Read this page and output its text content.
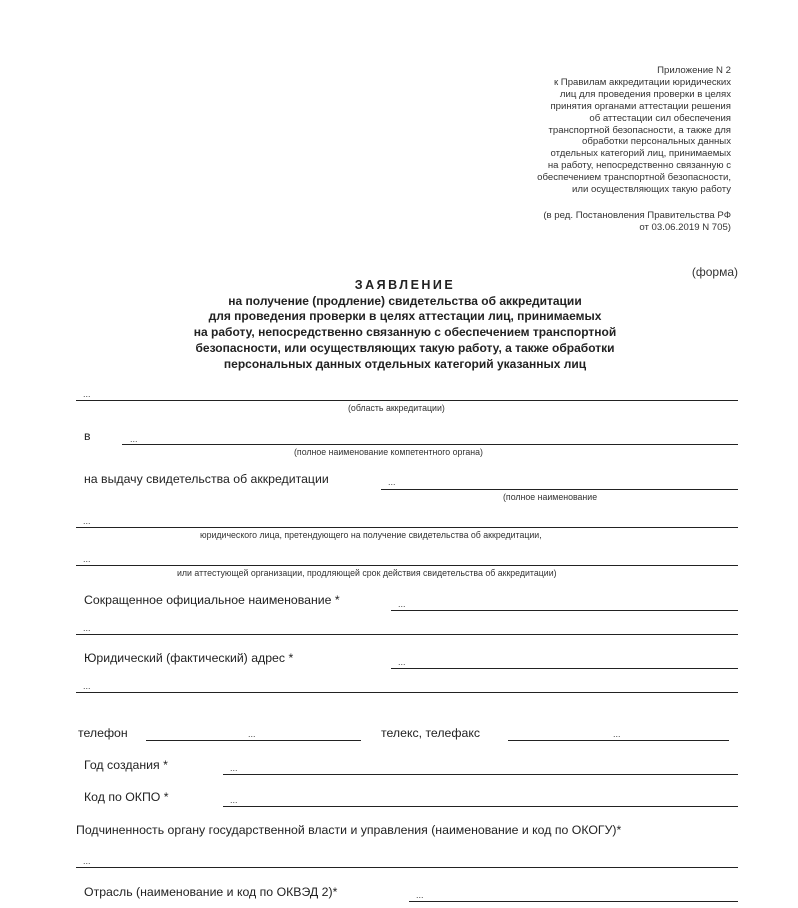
Приложение N 2
к Правилам аккредитации юридических
лиц для проведения проверки в целях
принятия органами аттестации решения
об аттестации сил обеспечения
транспортной безопасности, а также для
обработки персональных данных
отдельных категорий лиц, принимаемых
на работу, непосредственно связанную с
обеспечением транспортной безопасности,
или осуществляющих такую работу
(в ред. Постановления Правительства РФ
от 03.06.2019 N 705)
(форма)
ЗАЯВЛЕНИЕ
на получение (продление) свидетельства об аккредитации
для проведения проверки в целях аттестации лиц, принимаемых
на работу, непосредственно связанную с обеспечением транспортной
безопасности, или осуществляющих такую работу, а также обработки
персональных данных отдельных категорий указанных лиц
...
(область аккредитации)
в	...
(полное наименование компетентного органа)
на выдачу свидетельства об аккредитации	...
(полное наименование
...
юридического лица, претендующего на получение свидетельства об аккредитации,
...
или аттестующей организации, продляющей срок действия свидетельства об аккредитации)
Сокращенное официальное наименование *	...
...
Юридический (фактический) адрес *	...
...
телефон	...	телекс, телефакс	...
Год создания *	...
Код по ОКПО *	...
Подчиненность органу государственной власти и управления (наименование и код по ОКОГУ)*
...
Отрасль (наименование и код по ОКВЭД 2)*	...
